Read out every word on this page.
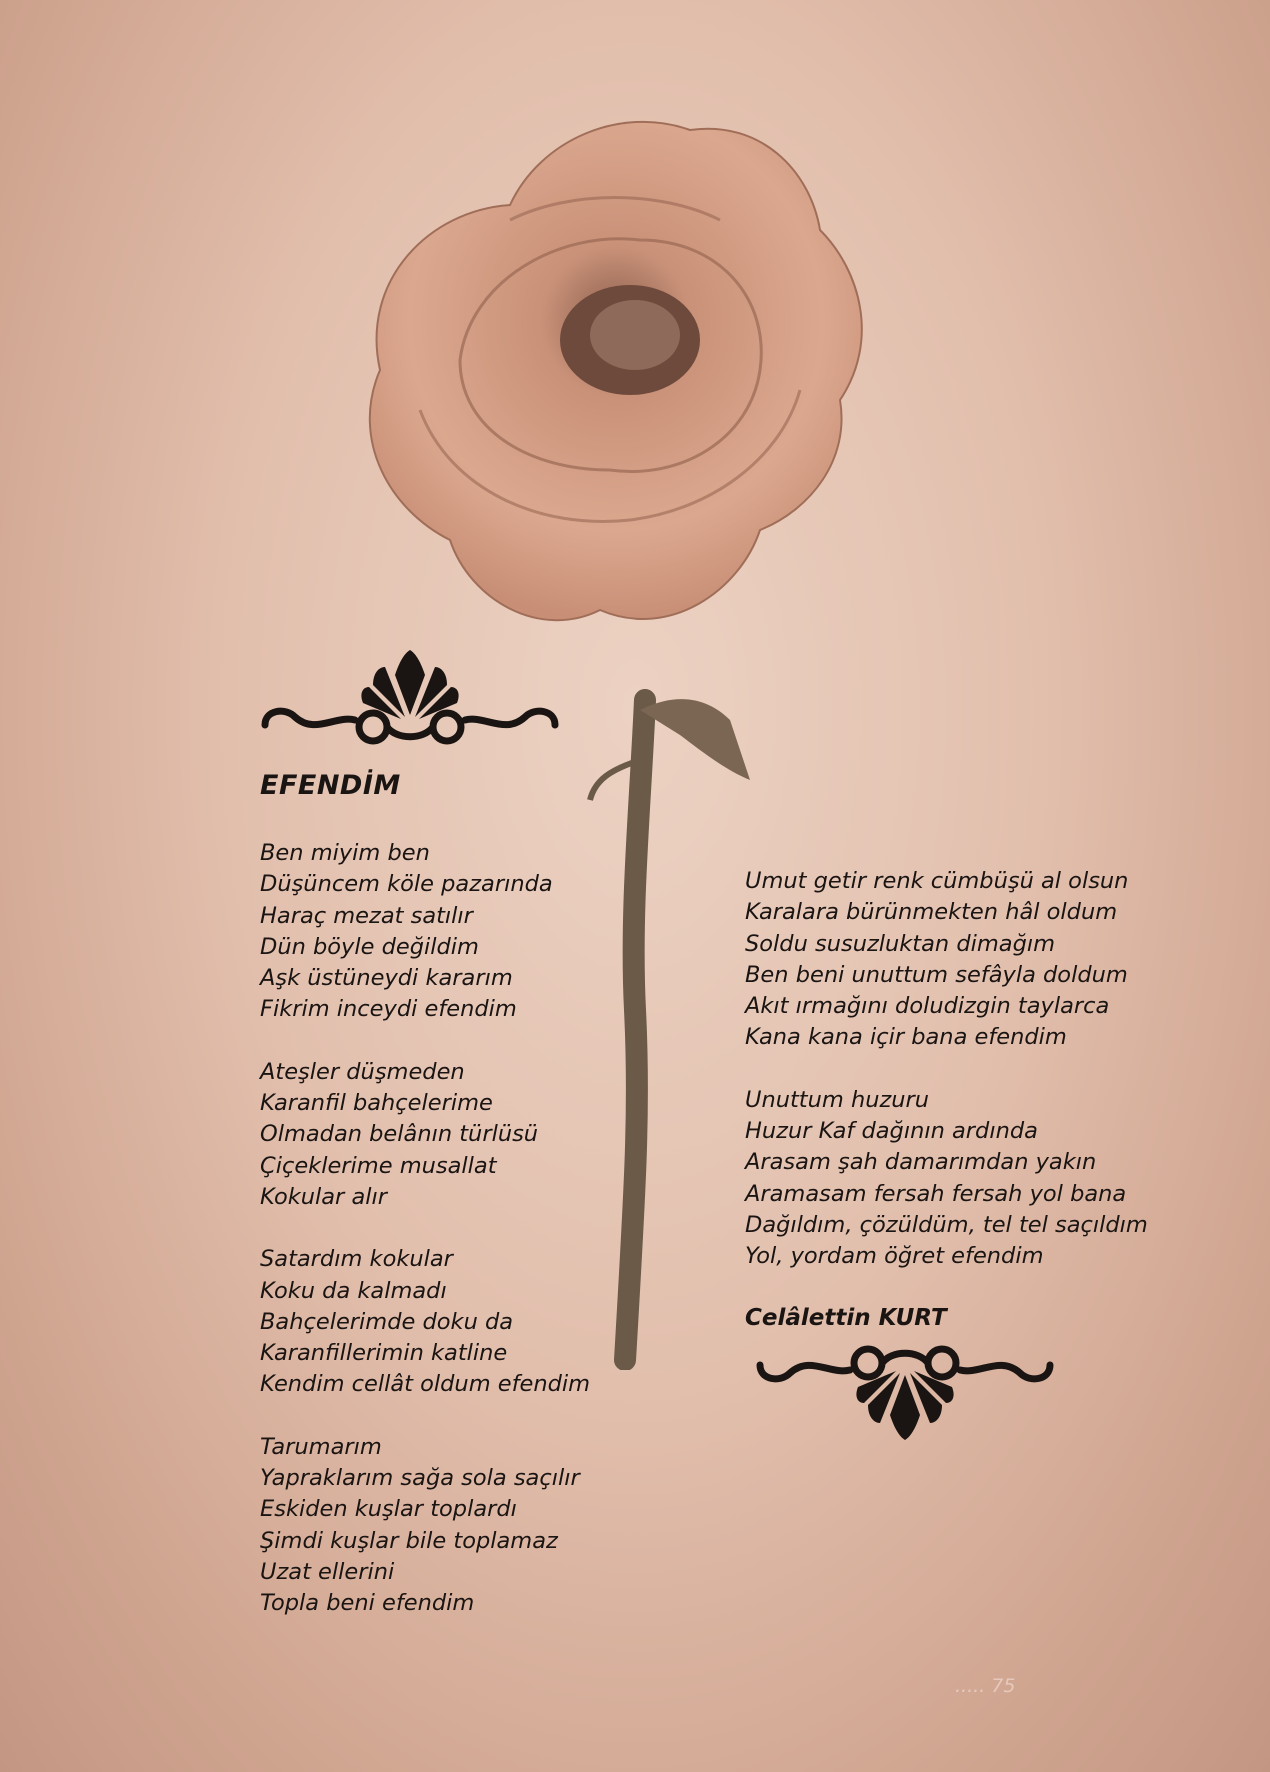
EFENDİM
Ben miyim ben
Düşüncem köle pazarında
Haraç mezat satılır
Dün böyle değildim
Aşk üstüneydi kararım
Fikrim inceydi efendim
Ateşler düşmeden
Karanfil bahçelerime
Olmadan belânın türlüsü
Çiçeklerime musallat
Kokular alır
Satardım kokular
Koku da kalmadı
Bahçelerimde doku da
Karanfillerimin katline
Kendim cellât oldum efendim
Tarumarım
Yapraklarım sağa sola saçılır
Eskiden kuşlar toplardı
Şimdi kuşlar bile toplamaz
Uzat ellerini
Topla beni efendim
Umut getir renk cümbüşü al olsun
Karalara bürünmekten hâl oldum
Soldu susuzluktan dimağım
Ben beni unuttum sefâyla doldum
Akıt ırmağını doludizgin taylarca
Kana kana içir bana efendim
Unuttum huzuru
Huzur Kaf dağının ardında
Arasam şah damarımdan yakın
Aramasam fersah fersah yol bana
Dağıldım, çözüldüm, tel tel saçıldım
Yol, yordam öğret efendim
Celâlettin KURT
..... 75
